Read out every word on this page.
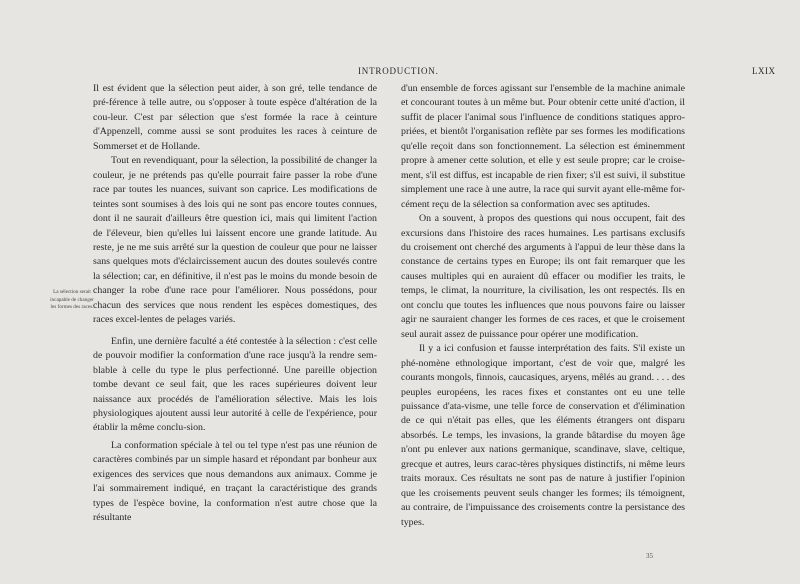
INTRODUCTION.	LXIX

Il est évident que la sélection peut aider, à son gré, telle tendance de pré-férence à telle autre, ou s'opposer à toute espèce d'altération de la cou-leur. C'est par sélection que s'est formée la race à ceinture d'Appenzell, comme aussi se sont produites les races à ceinture de Sommerset et de Hollande.

Tout en revendiquant, pour la sélection, la possibilité de changer la couleur, je ne prétends pas qu'elle pourrait faire passer la robe d'une race par toutes les nuances, suivant son caprice. Les modifications de teintes sont soumises à des lois qui ne sont pas encore toutes connues, dont il ne saurait d'ailleurs être question ici, mais qui limitent l'action de l'éleveur, bien qu'elles lui laissent encore une grande latitude. Au reste, je ne me suis arrêté sur la question de couleur que pour ne laisser sans quelques mots d'éclaircissement aucun des doutes soulevés contre la sélection; car, en définitive, il n'est pas le moins du monde besoin de changer la robe d'une race pour l'améliorer. Nous possédons, pour chacun des services que nous rendent les espèces domestiques, des races excel-lentes de pelages variés.

Enfin, une dernière faculté a été contestée à la sélection : c'est celle de pouvoir modifier la conformation d'une race jusqu'à la rendre sem-blable à celle du type le plus perfectionné. Une pareille objection tombe devant ce seul fait, que les races supérieures doivent leur naissance aux procédés de l'amélioration sélective. Mais les lois physiologiques ajoutent aussi leur autorité à celle de l'expérience, pour établir la même conclu-sion.

La conformation spéciale à tel ou tel type n'est pas une réunion de caractères combinés par un simple hasard et répondant par bonheur aux exigences des services que nous demandons aux animaux. Comme je l'ai sommairement indiqué, en traçant la caractéristique des grands types de l'espèce bovine, la conformation n'est autre chose que la résultante

La sélection serait incapable de changer les formes des races.

d'un ensemble de forces agissant sur l'ensemble de la machine animale et concourant toutes à un même but. Pour obtenir cette unité d'action, il suffit de placer l'animal sous l'influence de conditions statiques appro-priées, et bientôt l'organisation reflète par ses formes les modifications qu'elle reçoit dans son fonctionnement. La sélection est éminemment propre à amener cette solution, et elle y est seule propre; car le croise-ment, s'il est diffus, est incapable de rien fixer; s'il est suivi, il substitue simplement une race à une autre, la race qui survit ayant elle-même for-cément reçu de la sélection sa conformation avec ses aptitudes.

On a souvent, à propos des questions qui nous occupent, fait des excursions dans l'histoire des races humaines. Les partisans exclusifs du croisement ont cherché des arguments à l'appui de leur thèse dans la constance de certains types en Europe; ils ont fait remarquer que les causes multiples qui en auraient dû effacer ou modifier les traits, le temps, le climat, la nourriture, la civilisation, les ont respectés. Ils en ont conclu que toutes les influences que nous pouvons faire ou laisser agir ne sauraient changer les formes de ces races, et que le croisement seul aurait assez de puissance pour opérer une modification.

Il y a ici confusion et fausse interprétation des faits. S'il existe un phé-nomène ethnologique important, c'est de voir que, malgré les courants mongols, finnois, caucasiques, aryens, mêlés au grand. . . . des peuples européens, les races fixes et constantes ont eu une telle puissance d'ata-visme, une telle force de conservation et d'élimination de ce qui n'était pas elles, que les éléments étrangers ont disparu absorbés. Le temps, les invasions, la grande bâtardise du moyen âge n'ont pu enlever aux nations germanique, scandinave, slave, celtique, grecque et autres, leurs carac-tères physiques distinctifs, ni même leurs traits moraux. Ces résultats ne sont pas de nature à justifier l'opinion que les croisements peuvent seuls changer les formes; ils témoignent, au contraire, de l'impuissance des croisements contre la persistance des types.

35
